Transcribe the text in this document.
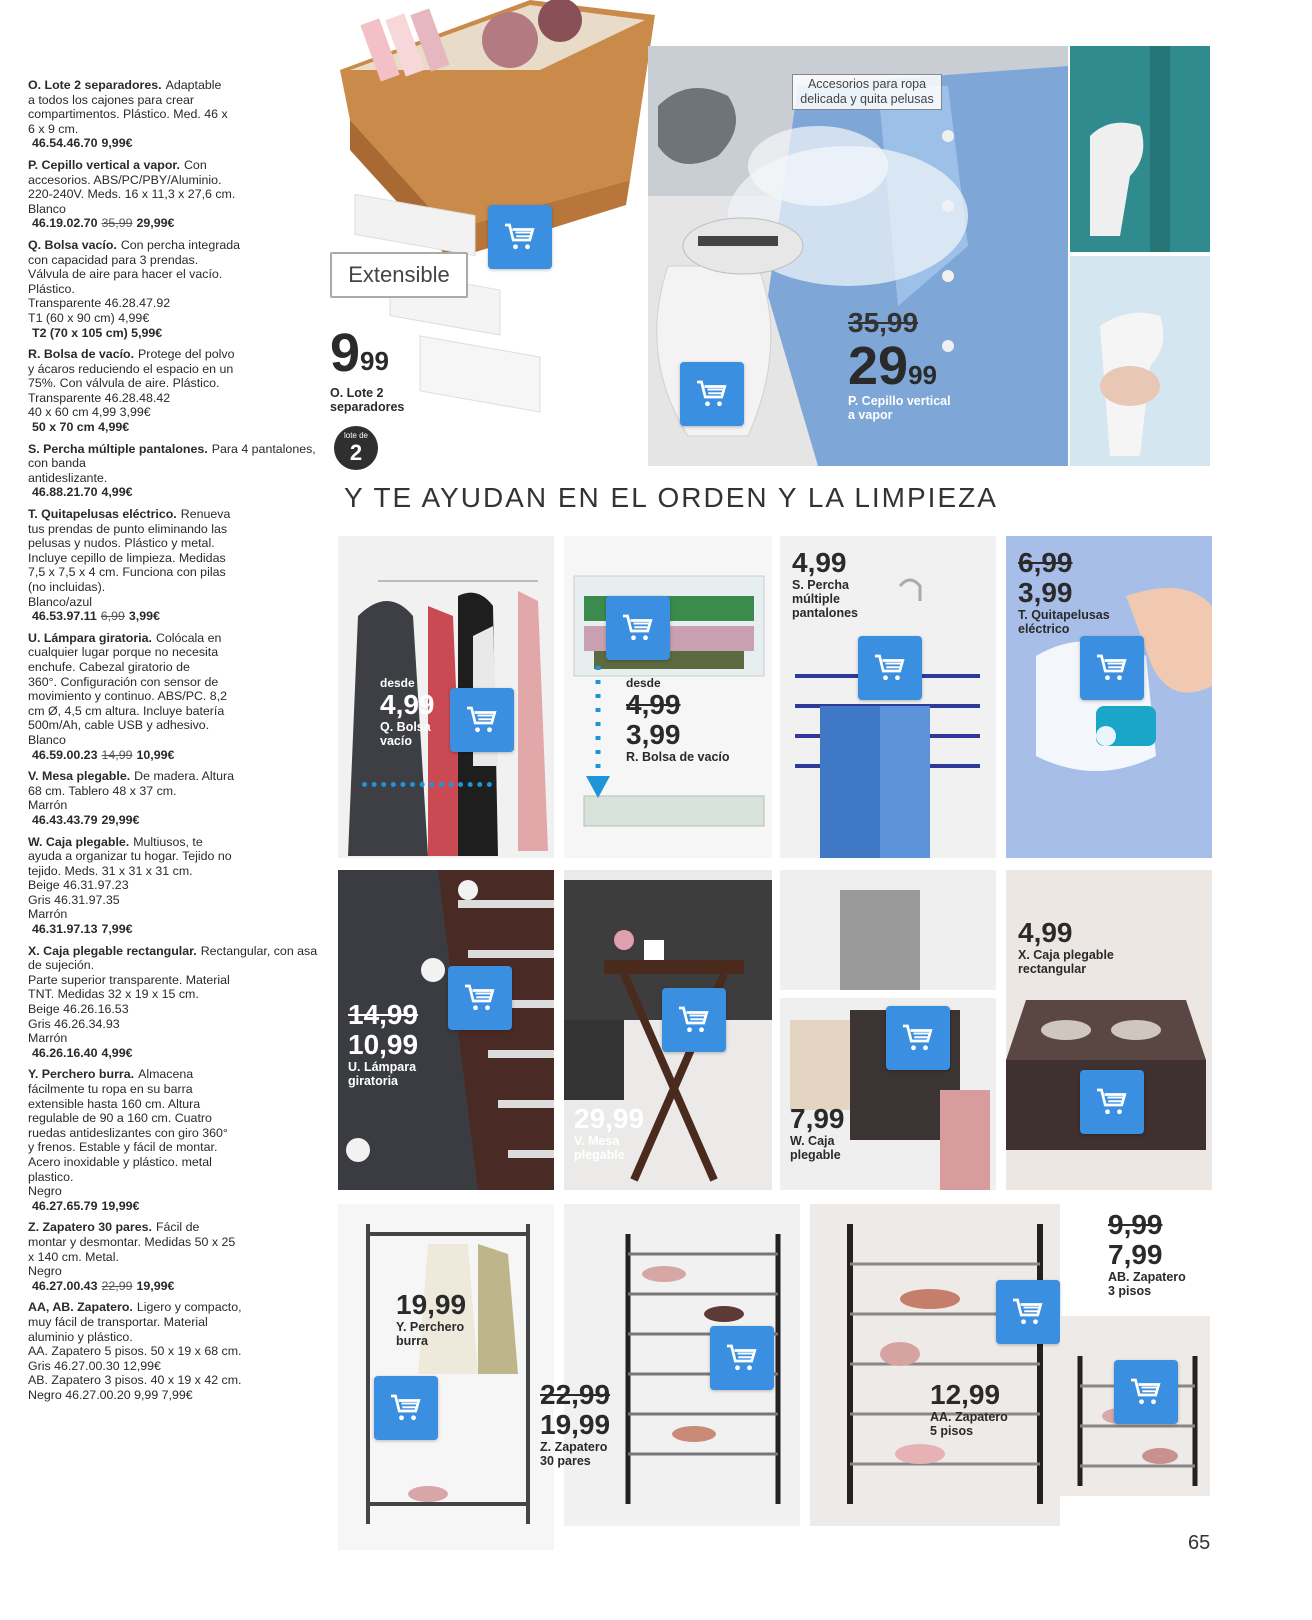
O. Lote 2 separadores. Adaptable
a todos los cajones para crear
compartimentos. Plástico. Med. 46 x
6 x 9 cm.
46.54.46.70 9,99€

P. Cepillo vertical a vapor. Con
accesorios. ABS/PC/PBY/Aluminio.
220-240V. Meds. 16 x 11,3 x 27,6 cm.
Blanco
46.19.02.70 35,99 29,99€

Q. Bolsa vacío. Con percha integrada
con capacidad para 3 prendas.
Válvula de aire para hacer el vacío.
Plástico.
Transparente 46.28.47.92
T1 (60 x 90 cm) 4,99€
T2 (70 x 105 cm) 5,99€

R. Bolsa de vacío. Protege del polvo
y ácaros reduciendo el espacio en un
75%. Con válvula de aire. Plástico.
Transparente 46.28.48.42
40 x 60 cm 4,99 3,99€
50 x 70 cm 4,99€

S. Percha múltiple pantalones. Para 4 pantalones, con banda
antideslizante.
46.88.21.70 4,99€

T. Quitapelusas eléctrico. Renueva
tus prendas de punto eliminando las
pelusas y nudos. Plástico y metal.
Incluye cepillo de limpieza. Medidas
7,5 x 7,5 x 4 cm. Funciona con pilas
(no incluidas).
Blanco/azul
46.53.97.11 6,99 3,99€

U. Lámpara giratoria. Colócala en
cualquier lugar porque no necesita
enchufe. Cabezal giratorio de
360°. Configuración con sensor de
movimiento y continuo. ABS/PC. 8,2
cm Ø, 4,5 cm altura. Incluye batería
500m/Ah, cable USB y adhesivo.
Blanco
46.59.00.23 14,99 10,99€

V. Mesa plegable. De madera. Altura
68 cm. Tablero 48 x 37 cm.
Marrón
46.43.43.79 29,99€

W. Caja plegable. Multiusos, te
ayuda a organizar tu hogar. Tejido no
tejido. Meds. 31 x 31 x 31 cm.
Beige 46.31.97.23
Gris 46.31.97.35
Marrón
46.31.97.13 7,99€

X. Caja plegable rectangular. Rectangular, con asa de sujeción.
Parte superior transparente. Material
TNT. Medidas 32 x 19 x 15 cm.
Beige 46.26.16.53
Gris 46.26.34.93
Marrón
46.26.16.40 4,99€

Y. Perchero burra. Almacena
fácilmente tu ropa en su barra
extensible hasta 160 cm. Altura
regulable de 90 a 160 cm. Cuatro
ruedas antideslizantes con giro 360°
y frenos. Estable y fácil de montar.
Acero inoxidable y plástico. metal
plastico.
Negro
46.27.65.79 19,99€

Z. Zapatero 30 pares. Fácil de
montar y desmontar. Medidas 50 x 25
x 140 cm. Metal.
Negro
46.27.00.43 22,99 19,99€

AA, AB. Zapatero. Ligero y compacto,
muy fácil de transportar. Material
aluminio y plástico.
AA. Zapatero 5 pisos. 50 x 19 x 68 cm.
Gris 46.27.00.30 12,99€
AB. Zapatero 3 pisos. 40 x 19 x 42 cm.
Negro 46.27.00.20 9,99 7,99€

Extensible
999
O. Lote 2
separadores
lote de
2
Accesorios para ropa delicada y quita pelusas
35,99
2999
P. Cepillo vertical
a vapor
Y TE AYUDAN EN EL ORDEN Y LA LIMPIEZA
desde
4,99
Q. Bolsa
vacío
desde
4,99
3,99
R. Bolsa de vacío
4,99
S. Percha
múltiple
pantalones
6,99
3,99
T. Quitapelusas
eléctrico
14,99
10,99
U. Lámpara
giratoria
29,99
V. Mesa
plegable
7,99
W. Caja
plegable
4,99
X. Caja plegable
rectangular
19,99
Y. Perchero
burra
22,99
19,99
Z. Zapatero
30 pares
12,99
AA. Zapatero
5 pisos
9,99
7,99
AB. Zapatero
3 pisos
65
